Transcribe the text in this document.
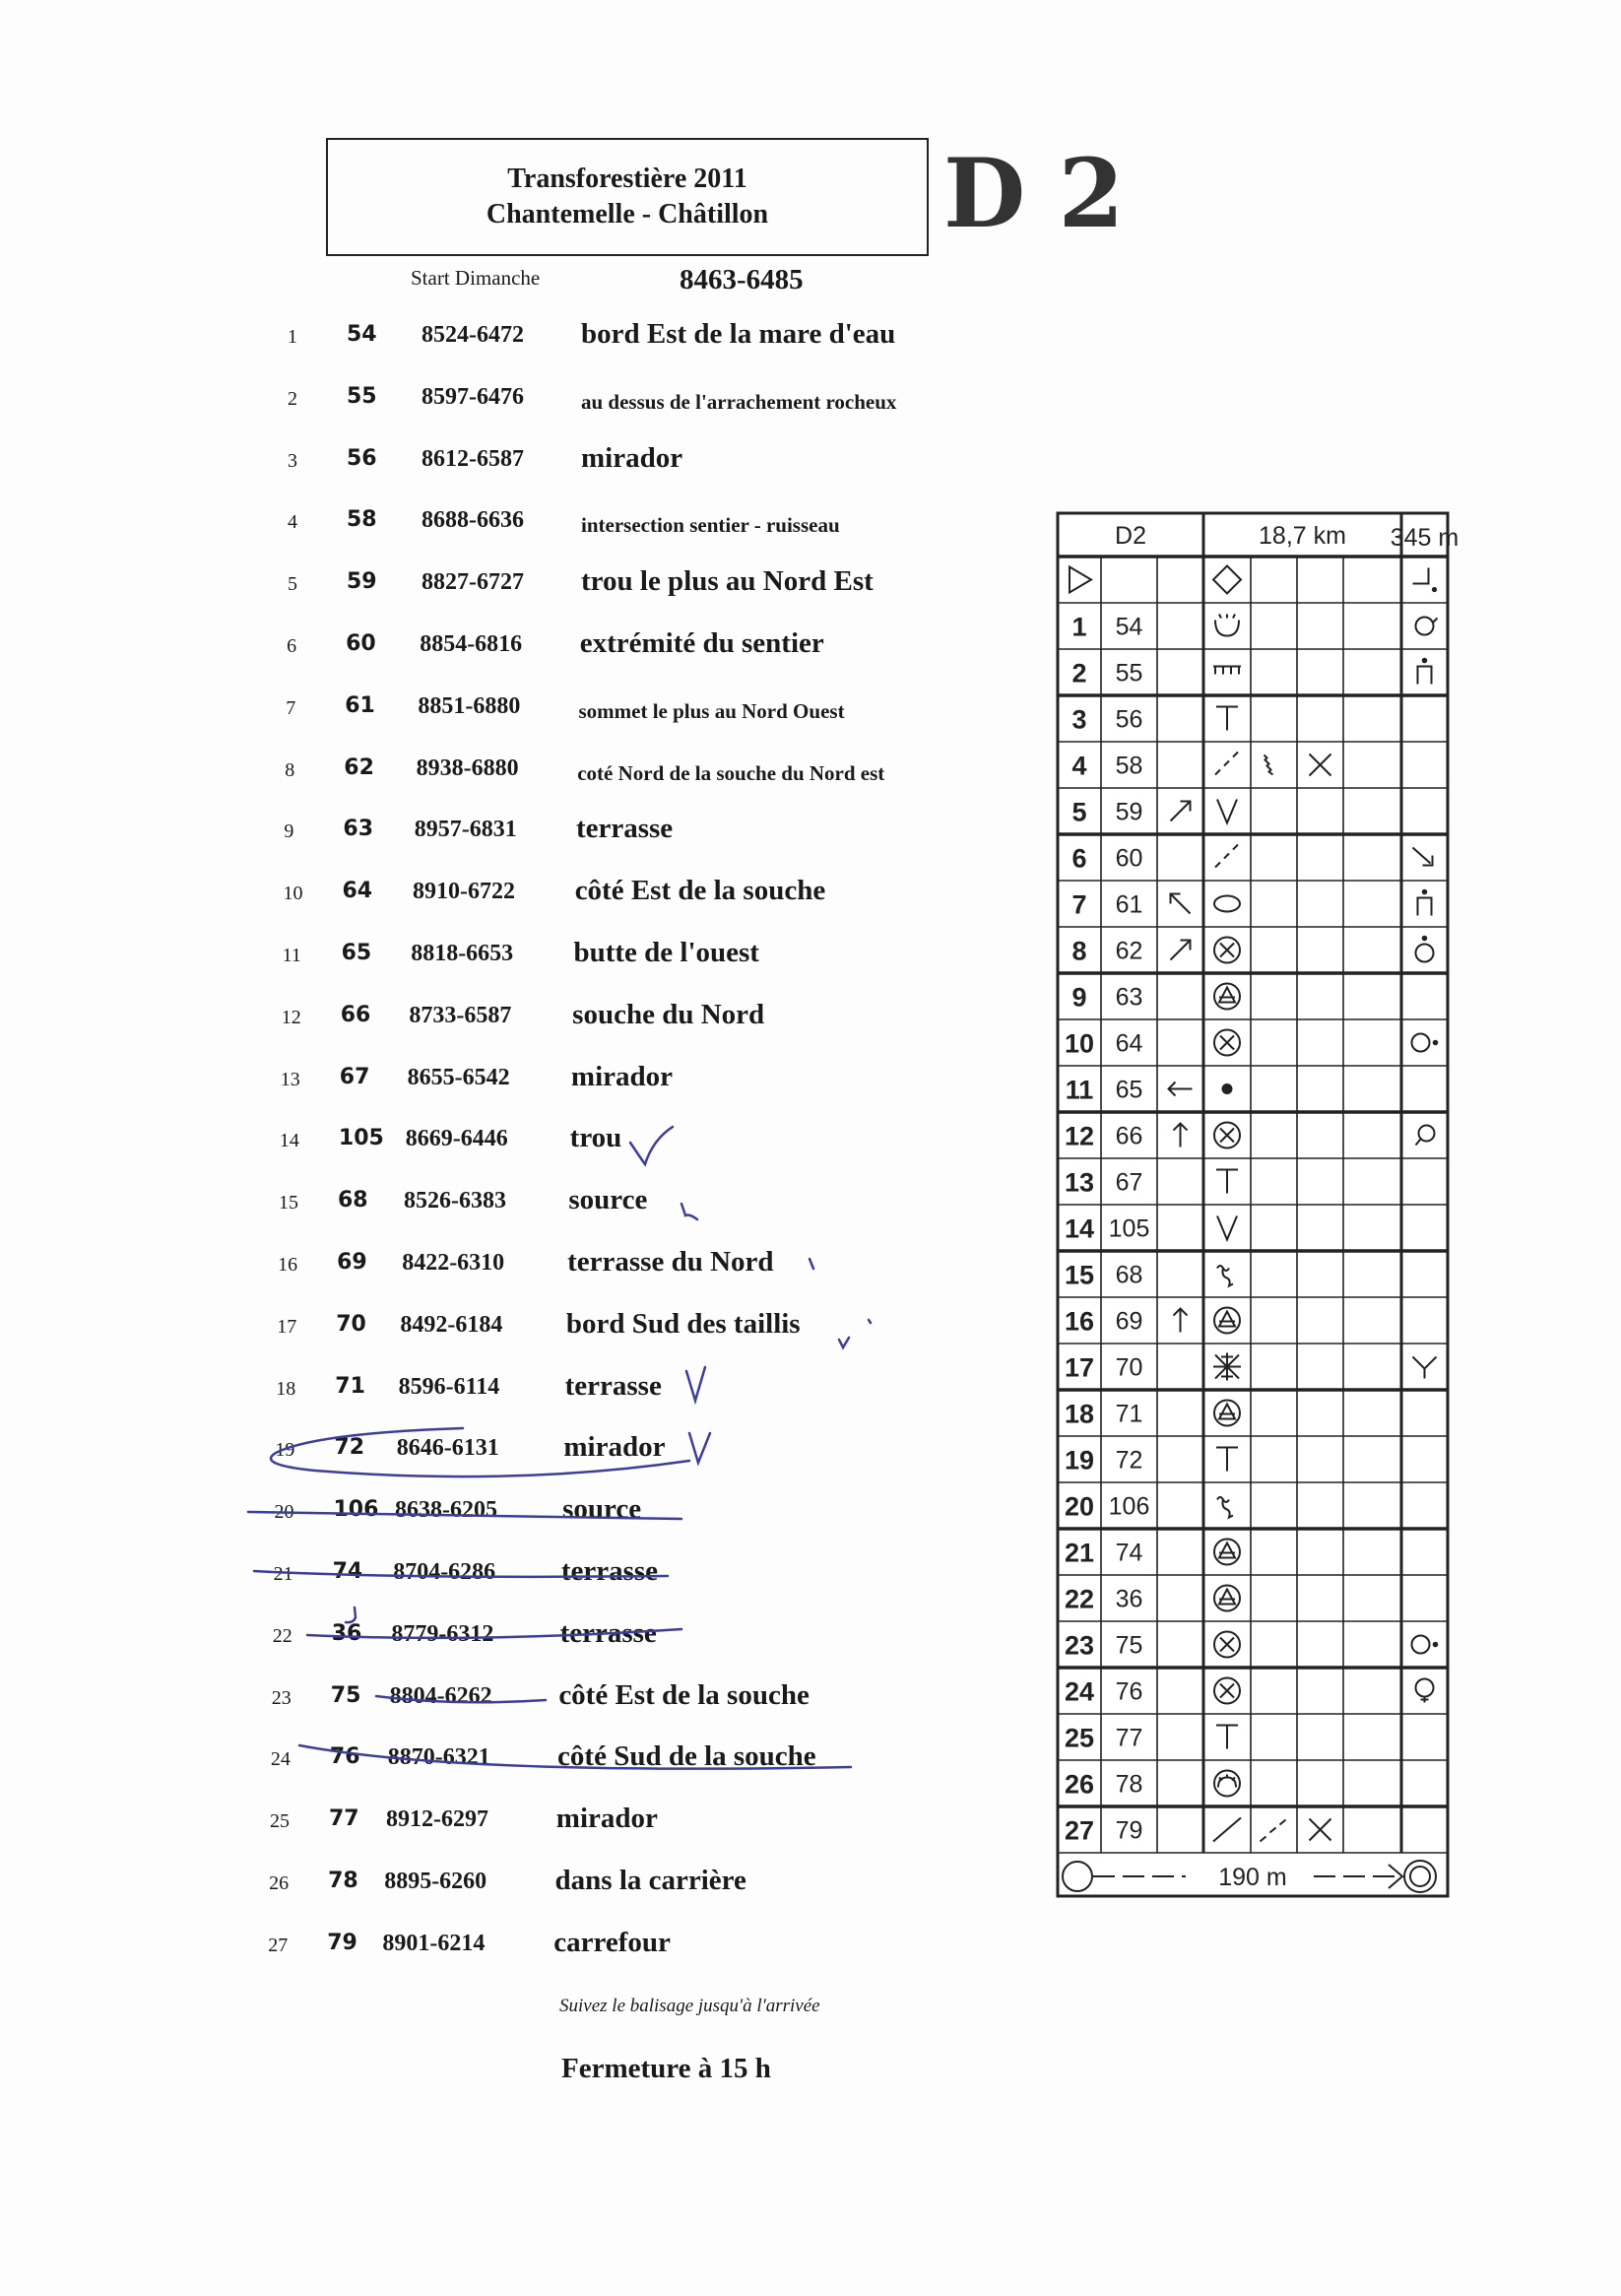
Transforestière 2011
Chantemelle - Châtillon D 2
Start Dimanche	8463-6485
1 54 8524-6472 bord Est de la mare d'eau
2 55 8597-6476	au dessus de l'arrachement rocheux
3 56 8612-6587 mirador
4 58 8688-6636	intersection sentier - ruisseau
5 59 8827-6727 trou le plus au Nord Est
6 60 8854-6816 extrémité du sentier
7 61 8851-6880	sommet le plus au Nord Ouest
8 62 8938-6880	coté Nord de la souche du Nord est
9 63 8957-6831 terrasse
10 64 8910-6722 côté Est de la souche
11 65 8818-6653 butte de l'ouest
12 66 8733-6587 souche du Nord
13 67 8655-6542 mirador
14 105 8669-6446 trou
15 68 8526-6383 source
16 69 8422-6310 terrasse du Nord
17 70 8492-6184 bord Sud des taillis
18 71 8596-6114 terrasse
19 72 8646-6131 mirador
20 106 8638-6205 source
21 74 8704-6286 terrasse
22 36 8779-6312 terrasse
23 75 8804-6262 côté Est de la souche
24 76 8870-6321 côté Sud de la souche
25 77 8912-6297 mirador
26 78 8895-6260 dans la carrière
27 79 8901-6214 carrefour
Suivez le balisage jusqu'à l'arrivée
Fermeture à 15 h
D2	18,7 km 345 m
190 m
1 54
2 55
3 56
4 58
5 59
6 60
7 61
8 62
9 63
10 64
11 65
12 66
13 67
14 105
15 68
16 69
17 70
18 71
19 72
20 106
21 74
22 36
23 75
24 76
25 77
26 78
27 79
